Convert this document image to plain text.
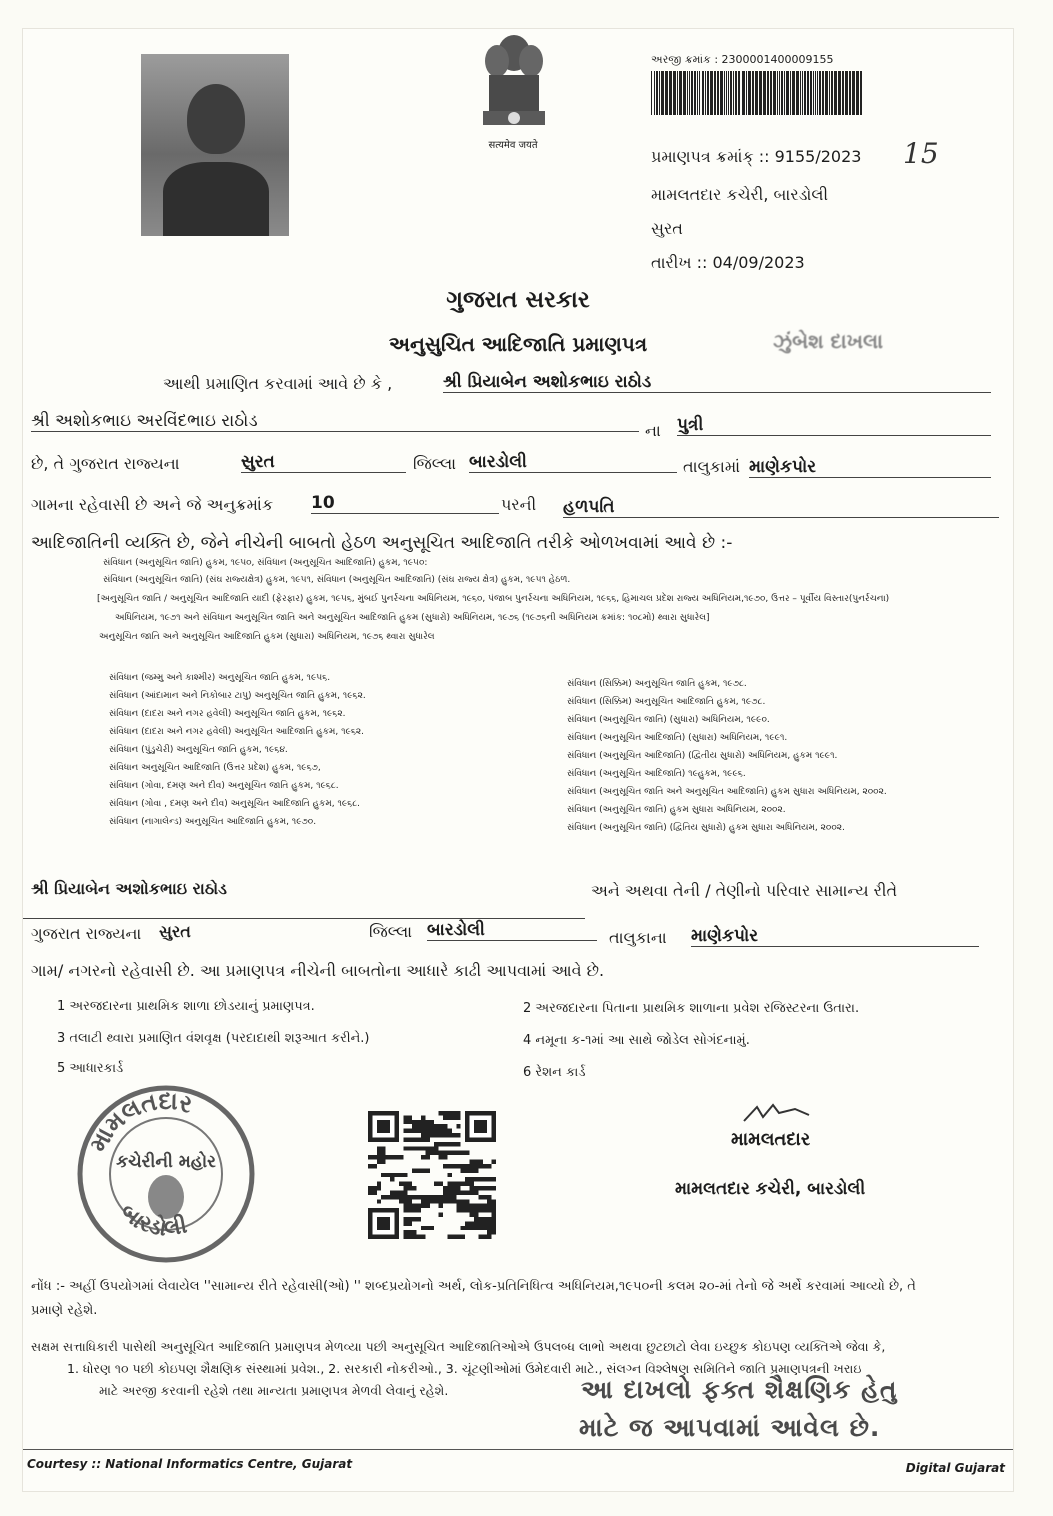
सत्यमेव जयते
અરજી ક્રમાંક : 2300001400009155
પ્રમાણપત્ર ક્રમાંક્ :: 9155/2023 15
મામલતદાર કચેરી, બારડોલી
સુરત
તારીખ :: 04/09/2023
ગુજરાત સરકાર
અનુસુચિત આદિજાતિ પ્રમાણપત્ર	ઝુંબેશ દાખલા
આથી પ્રમાણિત કરવામાં આવે છે કે ,	શ્રી પ્રિયાબેન અશોકભાઇ રાઠોડ
શ્રી અશોકભાઇ અરવિંદભાઇ રાઠોડ	ના પુત્રી
છે, તે ગુજરાત રાજ્યના	સુરત	જિલ્લા બારડોલી	તાલુકામાં માણેકપોર
ગામના રહેવાસી છે અને જે અનુક્રમાંક 10	પરની હળપતિ
આદિજાતિની વ્યક્તિ છે, જેને નીચેની બાબતો હેઠળ અનુસૂચિત આદિજાતિ તરીકે ઓળખવામાં આવે છે :-
સંવિધાન (અનુસૂચિત જાતિ) હુકમ, ૧૯૫૦, સંવિધાન (અનુસૂચિત આદિજાતિ) હુકમ, ૧૯૫૦:
સંવિધાન (અનુસૂચિત જાતિ) (સંઘ રાજ્યક્ષેત્ર) હુકમ, ૧૯૫૧, સંવિધાન (અનુસૂચિત આદિજાતિ) (સંઘ રાજ્ય ક્ષેત્ર) હુકમ, ૧૯૫૧ હેઠળ.
[અનુસૂચિત જાતિ / અનુસૂચિત આદિજાતિ યાદી (ફેરફાર) હુકમ, ૧૯૫૬, મુંબઈ પુનર્રચના અધિનિયમ, ૧૯૬૦, પંજાબ પુનર્રચના અધિનિયમ, ૧૯૬૬, હિમાચલ પ્રદેશ રાજ્ય અધિનિયમ,૧૯૭૦, ઉત્તર – પૂર્વીય વિસ્તાર(પુનર્રચના)
અધિનિયમ, ૧૯૭૧ અને સંવિધાન અનુસૂચિત જાતિ અને અનુસૂચિત આદિજાતિ હુકમ (સુધારો) અધિનિયમ, ૧૯૭૬ (૧૯૭૬ની અધિનિયમ ક્રમાંક: ૧૦૮મો) થ્વારા સુધારેલ]
અનુસૂચિત જાતિ અને અનુસૂચિત આદિજાતિ હુકમ (સુધારા) અધિનિયમ, ૧૯૭૬ થ્વારા સુધારેલ
સંવિધાન (જમ્મુ અને કાશ્મીર) અનુસૂચિત જાતિ હુકમ, ૧૯૫૬.
સંવિધાન (આંદામાન અને નિકોબાર ટાપુ) અનુસૂચિત જાતિ હુકમ, ૧૯૬૨.
સંવિધાન (દાદરા અને નગર હવેલી) અનુસૂચિત જાતિ હુકમ, ૧૯૬૨.
સંવિધાન (દાદરા અને નગર હવેલી) અનુસૂચિત આદિજાતિ હુકમ, ૧૯૬૨.
સંવિધાન (પુંડુચેરી) અનુસૂચિત જાતિ હુકમ, ૧૯૬૪.
સંવિધાન અનુસૂચિત આદિજાતિ (ઉત્તર પ્રદેશ) હુકમ, ૧૯૬૭,
સંવિધાન (ગોવા, દમણ અને દીવ) અનુસૂચિત જાતિ હુકમ, ૧૯૬૮.
સંવિધાન (ગોવા , દમણ અને દીવ) અનુસૂચિત આદિજાતિ હુકમ, ૧૯૬૮.
સંવિધાન (નાગાલેન્ડ) અનુસૂચિત આદિજાતિ હુકમ, ૧૯૭૦.
સંવિધાન (સિક્કિમ) અનુસૂચિત જાતિ હુકમ, ૧૯૭૮.
સંવિધાન (સિક્કિમ) અનુસૂચિત આદિજાતિ હુકમ, ૧૯૭૮.
સંવિધાન (અનુસૂચિત જાતિ) (સુધારા) અધિનિયમ, ૧૯૯૦.
સંવિધાન (અનુસૂચિત આદિજાતિ) (સુધારા) અધિનિયમ, ૧૯૯૧.
સંવિધાન (અનુસૂચિત આદિજાતિ) (દ્વિતીય સુધારો) અધિનિયમ, હુકમ ૧૯૯૧.
સંવિધાન (અનુસૂચિત આદિજાતિ) ૧૯હુકમ, ૧૯૯૬.
સંવિધાન (અનુસૂચિત જાતિ અને અનુસૂચિત આદિજાતિ) હુકમ સુધારા અધિનિયમ, ૨૦૦૨.
સંવિધાન (અનુસૂચિત જાતિ) હુકમ સુધારા અધિનિયમ, ૨૦૦૨.
સંવિધાન (અનુસૂચિત જાતિ) (દ્વિતિય સુધારો) હુકમ સુધારા અધિનિયમ, ૨૦૦૨.
શ્રી પ્રિયાબેન અશોકભાઇ રાઠોડ	અને અથવા તેની / તેણીનો પરિવાર સામાન્ય રીતે
ગુજરાત રાજ્યના સુરત	જિલ્લા બારડોલી	તાલુકાના માણેકપોર
ગામ/ નગરનો રહેવાસી છે. આ પ્રમાણપત્ર નીચેની બાબતોના આધારે કાઢી આપવામાં આવે છે.
1 અરજદારના પ્રાથમિક શાળા છોડયાનું પ્રમાણપત્ર.	2 અરજદારના પિતાના પ્રાથમિક શાળાના પ્રવેશ રજિસ્ટરના ઉતારા.
3 તલાટી થ્વારા પ્રમાણિત વંશવૃક્ષ (પરદાદાથી શરૂઆત કરીને.)	4 નમૂના ક-૧માં આ સાથે જોડેલ સોગંદનામું.
5 આધારકાર્ડ	6 રેશન કાર્ડ
મામલતદાર
કચેરીની મહોર
બારડોલી
મામલતદાર
મામલતદાર કચેરી, બારડોલી
નોંધ :- અહીં ઉપયોગમાં લેવાયેલ ''સામાન્ય રીતે રહેવાસી(ઓ) '' શબ્દપ્રયોગનો અર્થ, લોક-પ્રતિનિધિત્વ અધિનિયમ,૧૯૫૦ની કલમ ૨૦-માં તેનો જે અર્થે કરવામાં આવ્યો છે, તે
પ્રમાણે રહેશે.
સક્ષમ સત્તાધિકારી પાસેથી અનુસૂચિત આદિજાતિ પ્રમાણપત્ર મેળવ્યા પછી અનુસૂચિત આદિજાતિઓએ ઉપલબ્ધ લાભો અથવા છુટછાટો લેવા ઇચ્છુક કોઇપણ વ્યક્તિએ જેવા કે,
1. ધોરણ ૧૦ પછી કોઇપણ શૈક્ષણિક સંસ્થામાં પ્રવેશ., 2. સરકારી નોકરીઓ., 3. ચૂંટણીઓમાં ઉમેદવારી માટે., સંલગ્ન વિશ્લેષણ સમિતિને જાતિ પ્રમાણપત્રની ખરાઇ
માટે અરજી કરવાની રહેશે તથા માન્યતા પ્રમાણપત્ર મેળવી લેવાનું રહેશે.	આ દાખલો ફક્ત શૈક્ષણિક હેતુ
માટે જ આપવામાં આવેલ છે.
Courtesy :: National Informatics Centre, Gujarat	Digital Gujarat
